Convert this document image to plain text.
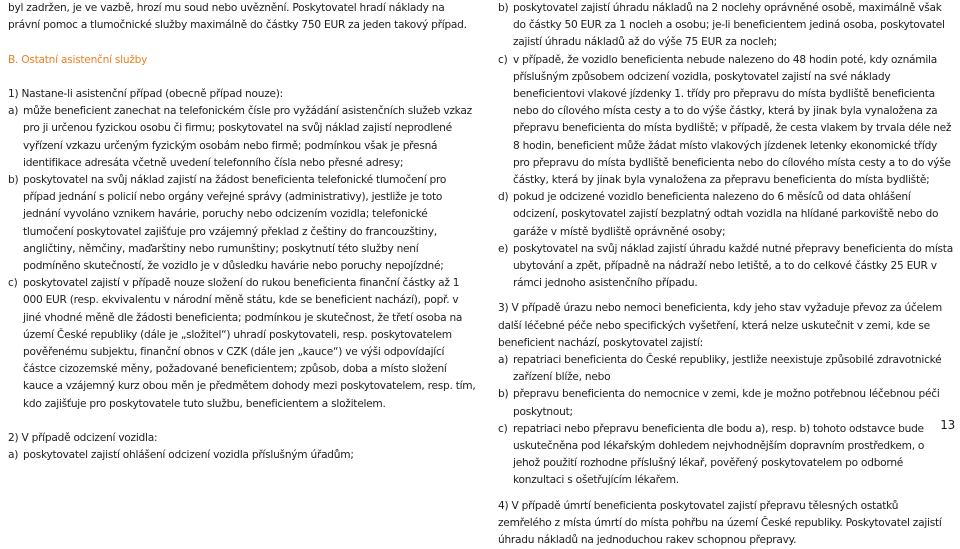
byl zadržen, je ve vazbě, hrozí mu soud nebo uvěznění. Poskytovatel hradí náklady na právní pomoc a tlumočnické služby maximálně do částky 750 EUR za jeden takový případ.

B. Ostatní asistenční služby

1) Nastane-li asistenční případ (obecně případ nouze):

a) může beneficient zanechat na telefonickém čísle pro vyžádání asistenčních služeb vzkaz pro ji určenou fyzickou osobu či firmu; poskytovatel na svůj náklad zajistí neprodlené vyřízení vzkazu určeným fyzickým osobám nebo firmě; podmínkou však je přesná identifikace adresáta včetně uvedení telefonního čísla nebo přesné adresy;
b) poskytovatel na svůj náklad zajistí na žádost beneficienta telefonické tlumočení pro případ jednání s policií nebo orgány veřejné správy (administrativy), jestliže je toto jednání vyvoláno vznikem havárie, poruchy nebo odcizením vozidla; telefonické tlumočení poskytovatel zajišťuje pro vzájemný překlad z češtiny do francouzštiny, angličtiny, němčiny, maďarštiny nebo rumunštiny; poskytnutí této služby není podmíněno skutečností, že vozidlo je v důsledku havárie nebo poruchy nepojízdné;
c) poskytovatel zajistí v případě nouze složení do rukou beneficienta finanční částky až 1 000 EUR (resp. ekvivalentu v národní měně státu, kde se beneficient nachází), popř. v jiné vhodné měně dle žádosti beneficienta; podmínkou je skutečnost, že třetí osoba na území České republiky (dále je „složitel“) uhradí poskytovateli, resp. poskytovatelem pověřenému subjektu, finanční obnos v CZK (dále jen „kauce“) ve výši odpovídající částce cizozemské měny, požadované beneficientem; způsob, doba a místo složení kauce a vzájemný kurz obou měn je předmětem dohody mezi poskytovatelem, resp. tím, kdo zajišťuje pro poskytovatele tuto službu, beneficientem a složitelem.

2) V případě odcizení vozidla:

a) poskytovatel zajistí ohlášení odcizení vozidla příslušným úřadům;
b) poskytovatel zajistí úhradu nákladů na 2 noclehy oprávněné osobě, maximálně však do částky 50 EUR za 1 nocleh a osobu; je-li beneficientem jediná osoba, poskytovatel zajistí úhradu nákladů až do výše 75 EUR za nocleh;
c) v případě, že vozidlo beneficienta nebude nalezeno do 48 hodin poté, kdy oznámila příslušným způsobem odcizení vozidla, poskytovatel zajistí na své náklady beneficientovi vlakové jízdenky 1. třídy pro přepravu do místa bydliště beneficienta nebo do cílového místa cesty a to do výše částky, která by jinak byla vynaložena za přepravu beneficienta do místa bydliště; v případě, že cesta vlakem by trvala déle než 8 hodin, beneficient může žádat místo vlakových jízdenek letenky ekonomické třídy pro přepravu do místa bydliště beneficienta nebo do cílového místa cesty a to do výše částky, která by jinak byla vynaložena za přepravu beneficienta do místa bydliště;
d) pokud je odcizené vozidlo beneficienta nalezeno do 6 měsíců od data ohlášení odcizení, poskytovatel zajistí bezplatný odtah vozidla na hlídané parkoviště nebo do garáže v místě bydliště oprávněné osoby;
e) poskytovatel na svůj náklad zajistí úhradu každé nutné přepravy beneficienta do místa ubytování a zpět, případně na nádraží nebo letiště, a to do celkové částky 25 EUR v rámci jednoho asistenčního případu.

3) V případě úrazu nebo nemoci beneficienta, kdy jeho stav vyžaduje převoz za účelem další léčebné péče nebo specifických vyšetření, která nelze uskutečnit v zemi, kde se beneficient nachází, poskytovatel zajistí:

a) repatriaci beneficienta do České republiky, jestliže neexistuje způsobilé zdravotnické zařízení blíže, nebo
b) přepravu beneficienta do nemocnice v zemi, kde je možno potřebnou léčebnou péči poskytnout;
c) repatriaci nebo přepravu beneficienta dle bodu a), resp. b) tohoto odstavce bude uskutečněna pod lékařským dohledem nejvhodnějším dopravním prostředkem, o jehož použití rozhodne příslušný lékař, pověřený poskytovatelem po odborné konzultaci s ošetřujícím lékařem.

4) V případě úmrtí beneficienta poskytovatel zajistí přepravu tělesných ostatků zemřelého z místa úmrtí do místa pohřbu na území České republiky. Poskytovatel zajistí úhradu nákladů na jednoduchou rakev schopnou přepravy.

13
